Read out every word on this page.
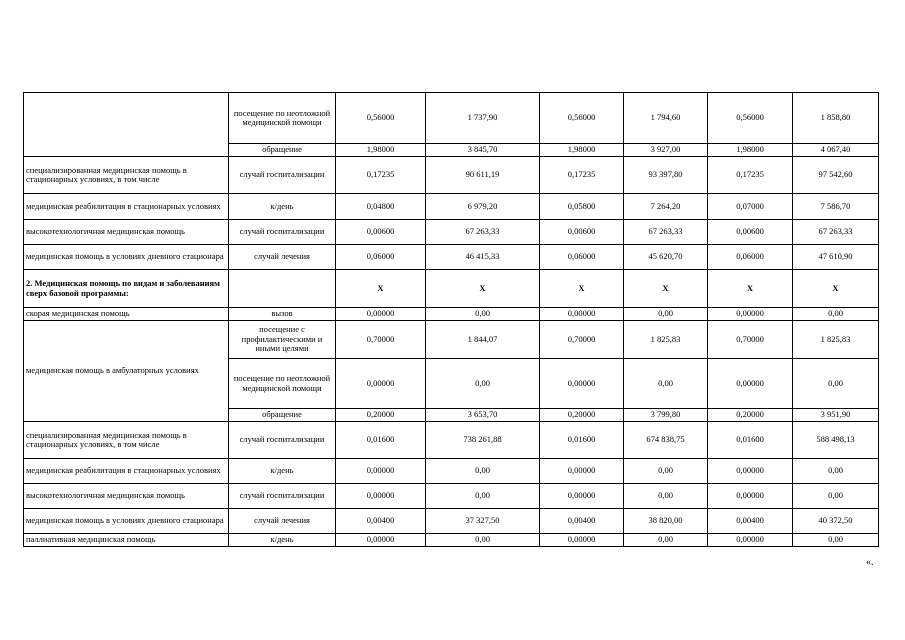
	посещение по неотложной медицинской помощи	0,56000	1 737,90	0,56000	1 794,60	0,56000	1 858,80
	обращение	1,98000	3 845,70	1,98000	3 927,00	1,98000	4 067,40
специализированная медицинская помощь в стационарных условиях, в том числе	случай госпитализации	0,17235	90 611,19	0,17235	93 397,80	0,17235	97 542,60
медицинская реабилитация в стационарных условиях	к/день	0,04800	6 979,20	0,05800	7 264,20	0,07000	7 586,70
высокотехнологичная медицинская помощь	случай госпитализации	0,00600	67 263,33	0,00600	67 263,33	0,00600	67 263,33
медицинская помощь в условиях дневного стационара	случай лечения	0,06000	46 415,33	0,06000	45 620,70	0,06000	47 610,90
2. Медицинская помощь по видам и заболеваниям сверх базовой программы:		Х	Х	Х	Х	Х	Х
скорая медицинская помощь	вызов	0,00000	0,00	0,00000	0,00	0,00000	0,00
медицинская помощь в амбулаторных условиях	посещение с профилактическими и иными целями	0,70000	1 844,07	0,70000	1 825,83	0,70000	1 825,83
	посещение по неотложной медицинской помощи	0,00000	0,00	0,00000	0,00	0,00000	0,00
	обращение	0,20000	3 653,70	0,20000	3 799,80	0,20000	3 951,90
специализированная медицинская помощь в стационарных условиях, в том числе	случай госпитализации	0,01600	738 261,88	0,01600	674 838,75	0,01600	588 498,13
медицинская реабилитация в стационарных условиях	к/день	0,00000	0,00	0,00000	0,00	0,00000	0,00
высокотехнологичная медицинская помощь	случай госпитализации	0,00000	0,00	0,00000	0,00	0,00000	0,00
медицинская помощь в условиях дневного стационара	случай лечения	0,00400	37 327,50	0,00400	38 820,00	0,00400	40 372,50
паллиативная медицинская помощь	к/день	0,00000	0,00	0,00000	0,00	0,00000	0,00
«.
